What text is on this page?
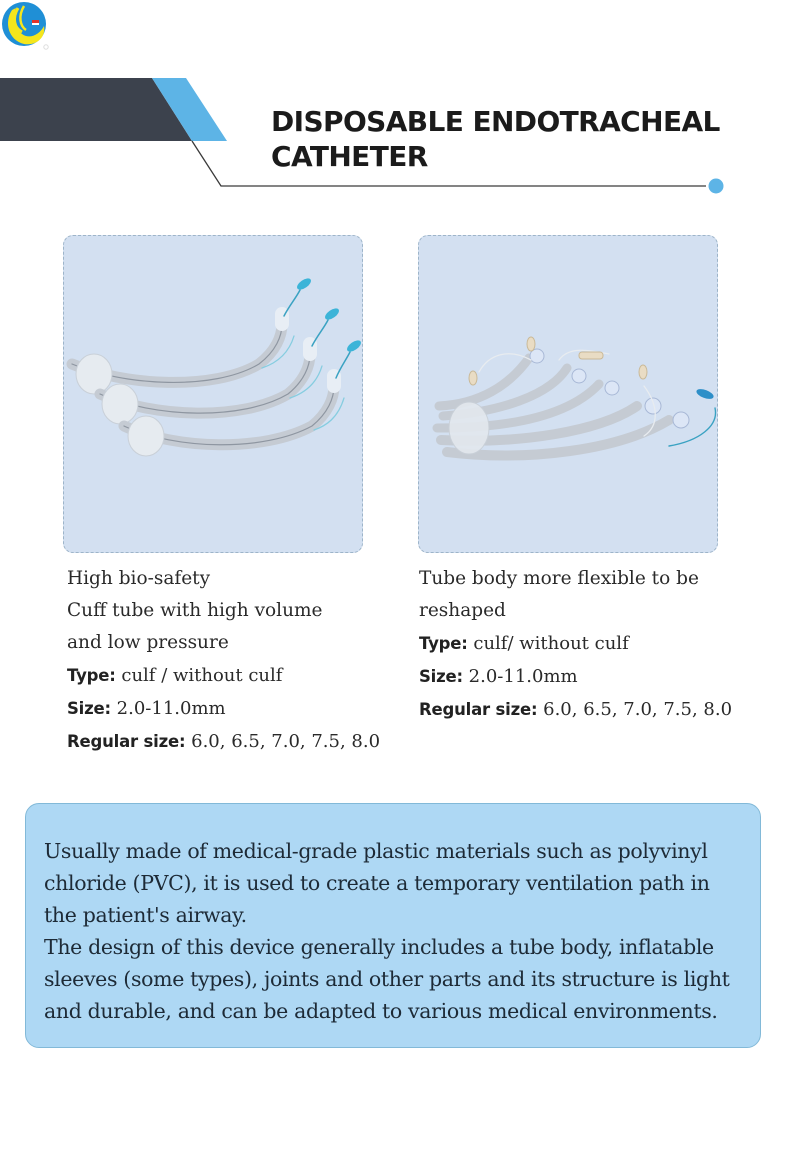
DISPOSABLE ENDOTRACHEAL
CATHETER
High bio-safety
Cuff tube with high volume
and low pressure
Type: culf / without culf
Size: 2.0-11.0mm
Regular size: 6.0, 6.5, 7.0, 7.5, 8.0
Tube body more flexible to be
reshaped
Type: culf/ without culf
Size: 2.0-11.0mm
Regular size: 6.0, 6.5, 7.0, 7.5, 8.0

Usually made of medical-grade plastic materials such as polyvinyl chloride (PVC), it is used to create a temporary ventilation path in the patient's airway.

The design of this device generally includes a tube body, inflatable sleeves (some types), joints and other parts and its structure is light and durable, and can be adapted to various medical environments.
